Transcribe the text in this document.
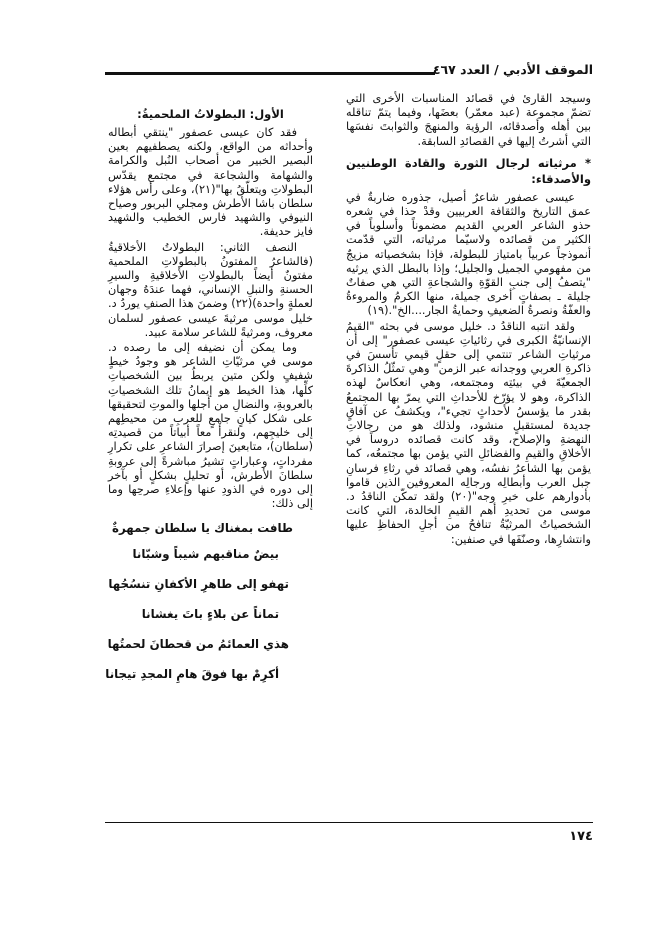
الموقف الأدبي / العدد ٤٦٧

وسيجد القارئ في قصائد المناسبات الأخرى التي تضمّ مجموعة (عبد معمّر) بعضَها، وفيما يتمّ تناقله بين أهله وأصدقائه، الرؤية والمنهجَ والثوابتَ نفسَها التي أشرتُ إليها في القصائدِ السابقة.

* مرثياته لرجال الثورة والقادة الوطنيين والأصدقاء:

عيسى عصفور شاعرٌ أصيل، جذوره ضاربةٌ في عمق التاريخ والثقافة العربيين وقدْ حذا في شعره حذو الشاعر العربي القديم مضموناً وأسلوباً في الكثير من قصائده ولاسيّما مرثياته، التي قدّمت أنموذجاً عربياً بامتياز للبطولة، فإذا بشخصياته مزيجٌ من مفهومي الجميل والجليل؛ وإذا بالبطل الذي يرثيه "يتصفُ إلى جنبِ القوّةِ والشجاعةِ التي هي صفاتٌ جليلة ـ بصفاتٍ أخرى جميلة، منها الكرمُ والمروءةُ والعفّةُ ونصرةُ الضعيفِ وحمايةُ الجار....الخ".(١٩)

ولقد انتبه الناقدُ د. خليل موسى في بحثه "القيمُ الإنسانيّةُ الكبرى في رثائياتِ عيسى عصفور" إلى أن مرثياتِ الشاعر تنتمي إلى حقلٍ قيمي تأسسَ في ذاكرةِ العربي ووجدانه عبر الزمن" وهي تمثّلُ الذاكرةَ الجمعيّةَ في بيئتِه ومجتمعه، وهي انعكاسٌ لهذه الذاكرة، وهو لا يؤرّخ للأحداثِ التي يمرّ بها المجتمعُ بقدر ما يؤسسُ لأحداثٍ تجيء"، ويكشفُ عن آفاقٍ جديدة لمستقبلٍ منشود، ولذلك هو من رجالاتِ النهضةِ والإصلاح، وقد كانت قصائده دروساً في الأخلاقِ والقيمِ والفضائلِ التي يؤمن بها مجتمعُه، كما يؤمن بها الشاعرُ نفسُه، وهي قصائد في رثاءِ فرسانِ جبل العرب وأبطالِه ورجالِه المعروفين الذين قاموا بأدوارهم على خيرِ وجه"(٢٠) ولقد تمكّن الناقدُ د. موسى من تحديدِ أهم القيمِ الخالدة، التي كانت الشخصياتُ المرثيّةُ تنافحُ من أجلِ الحفاظِ عليها وانتشارِها، وصنّفَها في صنفين:

الأول: البطولاتُ الملحميةُ:

فقد كان عيسى عصفور "ينتقي أبطاله وأحداثه من الواقع، ولكنه يصطفيهم بعين البصير الخبير من أصحاب النُبل والكرامة والشهامة والشجاعة في مجتمع يقدّس البطولاتِ ويتعلّقُ بها"(٢١)، وعلى رأس هؤلاء سلطان باشا الأطرش ومجلي البربور وصياح النيوفي والشهيد فارس الخطيب والشهيد فايز حديفة.

النصف الثاني: البطولاتُ الأخلاقيةُ (فالشاعرُ المفتونُ بالبطولاتِ الملحمية مفتونٌ أيضاً بالبطولاتِ الأخلاقيةِ والسيرِ الحسنةِ والنبلِ الإنساني، فهما عندَهُ وجهان لعملةٍ واحدة)(٢٢) وضمنَ هذا الصنفِ يوردُ د. خليل موسى مرثيةَ عيسى عصفور لسلمان معروف، ومرثيةً للشاعر سلامة عبيد.

وما يمكن أن نضيفه إلى ما رصده د. موسى في مرثيّاتِ الشاعر هو وجودُ خيطٍ شفيفٍ ولكن متين يربطُ بين الشخصياتِ كلِّها، هذا الخيط هو إيمانُ تلك الشخصياتِ بالعروبةِ، والنضالِ من أجلها والموتِ لتحقيقها على شكل كيانٍ جامعٍ للعربِ من محيطِهم إلى خليجِهم، ولنقرأْ معاً أبياتاً من قصيدتِه (سلطان)، متابعينَ إصرارَ الشاعرِ على تكرارِ مفرداتٍ، وعباراتٍ تشيرُ مباشرةً إلى عروبةِ سلطانَ الأطرش، أو تحليلٍ بشكلٍ أو بآخر إلى دوره في الذودِ عنها وإعلاءِ صرحِها وما إلى ذلك:

طافت بمغناك يا سلطان جمهرةٌ
بيضٌ مناقبهم شيباً وشبّانا
تهفو إلى طاهرِ الأكفانِ تنسُجُها
تماناً عن بلاءٍ باتَ يغشانا
هذي العمائمُ من قحطانَ لحمتُها
أكرِمْ بها فوقَ هامِ المجدِ تيجانا
١٧٤
